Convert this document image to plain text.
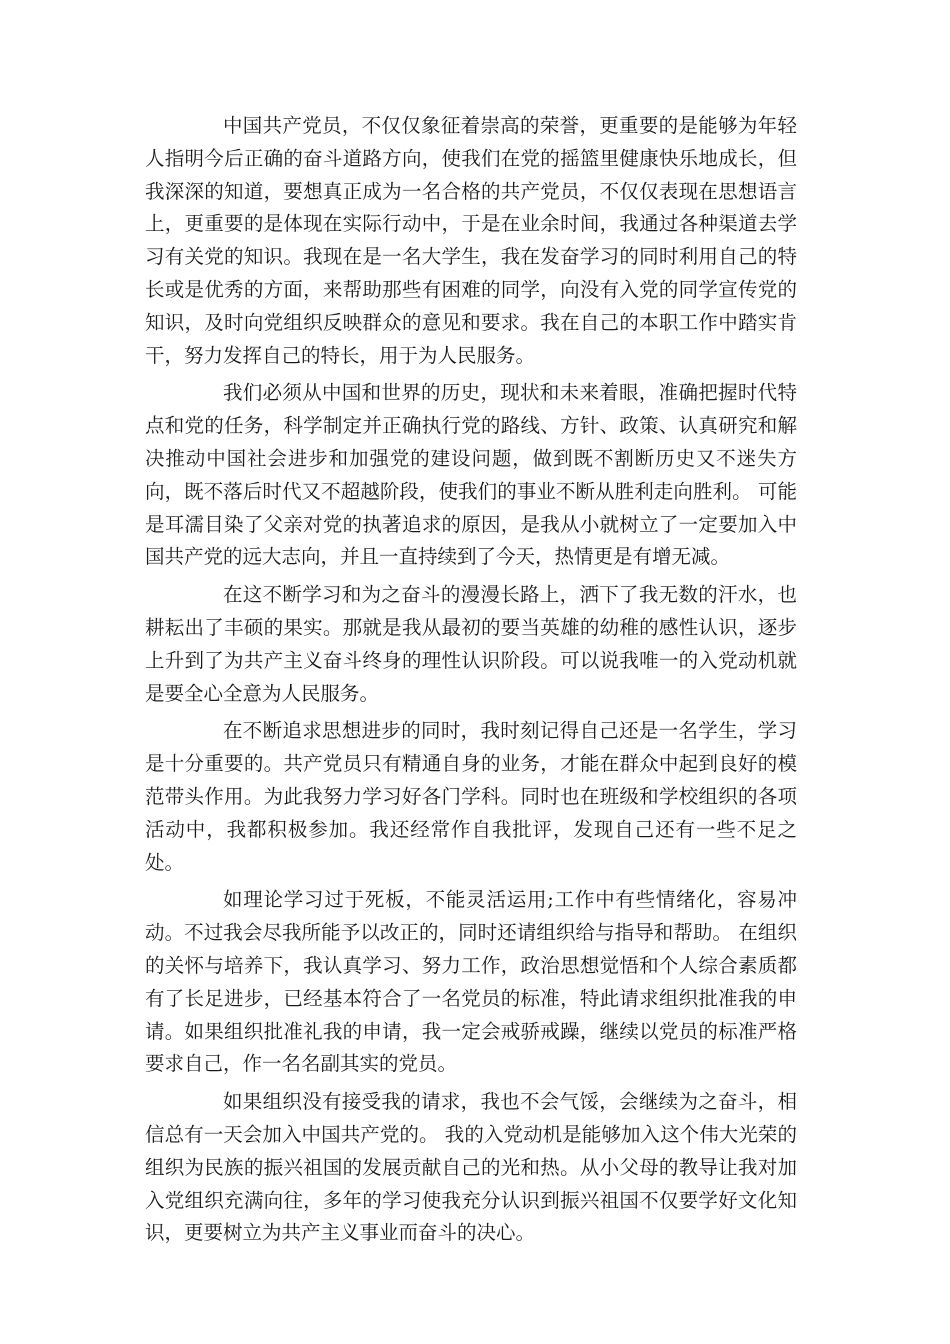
中国共产党员，不仅仅象征着崇高的荣誉，更重要的是能够为年轻人指明今后正确的奋斗道路方向，使我们在党的摇篮里健康快乐地成长，但我深深的知道，要想真正成为一名合格的共产党员，不仅仅表现在思想语言上，更重要的是体现在实际行动中，于是在业余时间，我通过各种渠道去学习有关党的知识。我现在是一名大学生，我在发奋学习的同时利用自己的特长或是优秀的方面，来帮助那些有困难的同学，向没有入党的同学宣传党的知识，及时向党组织反映群众的意见和要求。我在自己的本职工作中踏实肯干，努力发挥自己的特长，用于为人民服务。

我们必须从中国和世界的历史，现状和未来着眼，准确把握时代特点和党的任务，科学制定并正确执行党的路线、方针、政策、认真研究和解决推动中国社会进步和加强党的建设问题，做到既不割断历史又不迷失方向，既不落后时代又不超越阶段，使我们的事业不断从胜利走向胜利。 可能是耳濡目染了父亲对党的执著追求的原因，是我从小就树立了一定要加入中国共产党的远大志向，并且一直持续到了今天，热情更是有增无减。

在这不断学习和为之奋斗的漫漫长路上，洒下了我无数的汗水，也耕耘出了丰硕的果实。那就是我从最初的要当英雄的幼稚的感性认识，逐步上升到了为共产主义奋斗终身的理性认识阶段。可以说我唯一的入党动机就是要全心全意为人民服务。

在不断追求思想进步的同时，我时刻记得自己还是一名学生，学习是十分重要的。共产党员只有精通自身的业务，才能在群众中起到良好的模范带头作用。为此我努力学习好各门学科。同时也在班级和学校组织的各项活动中，我都积极参加。我还经常作自我批评，发现自己还有一些不足之处。

如理论学习过于死板，不能灵活运用;工作中有些情绪化，容易冲动。不过我会尽我所能予以改正的，同时还请组织给与指导和帮助。 在组织的关怀与培养下，我认真学习、努力工作，政治思想觉悟和个人综合素质都有了长足进步，已经基本符合了一名党员的标准，特此请求组织批准我的申请。如果组织批准礼我的申请，我一定会戒骄戒躁，继续以党员的标准严格要求自己，作一名名副其实的党员。

如果组织没有接受我的请求，我也不会气馁，会继续为之奋斗，相信总有一天会加入中国共产党的。 我的入党动机是能够加入这个伟大光荣的组织为民族的振兴祖国的发展贡献自己的光和热。从小父母的教导让我对加入党组织充满向往，多年的学习使我充分认识到振兴祖国不仅要学好文化知识，更要树立为共产主义事业而奋斗的决心。
